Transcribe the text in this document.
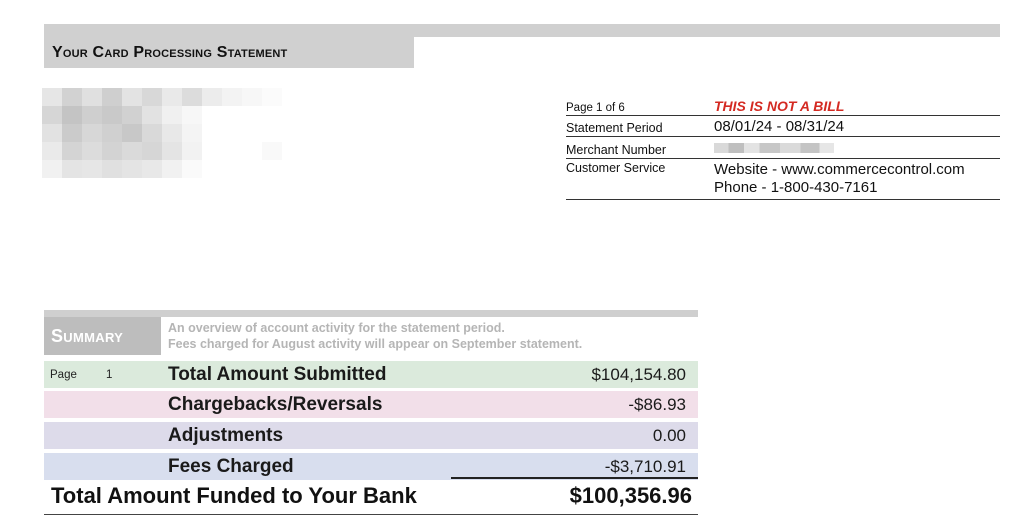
Your Card Processing Statement
Page 1 of 6	THIS IS NOT A BILL
Statement Period	08/01/24 - 08/31/24
Merchant Number
Customer Service	Website - www.commercecontrol.com
Phone - 1-800-430-7161
Summary	An overview of account activity for the statement period.
Fees charged for August activity will appear on September statement.
Page	1	Total Amount Submitted	$104,154.80
Chargebacks/Reversals	-$86.93
Adjustments	0.00
Fees Charged	-$3,710.91
Total Amount Funded to Your Bank	$100,356.96
